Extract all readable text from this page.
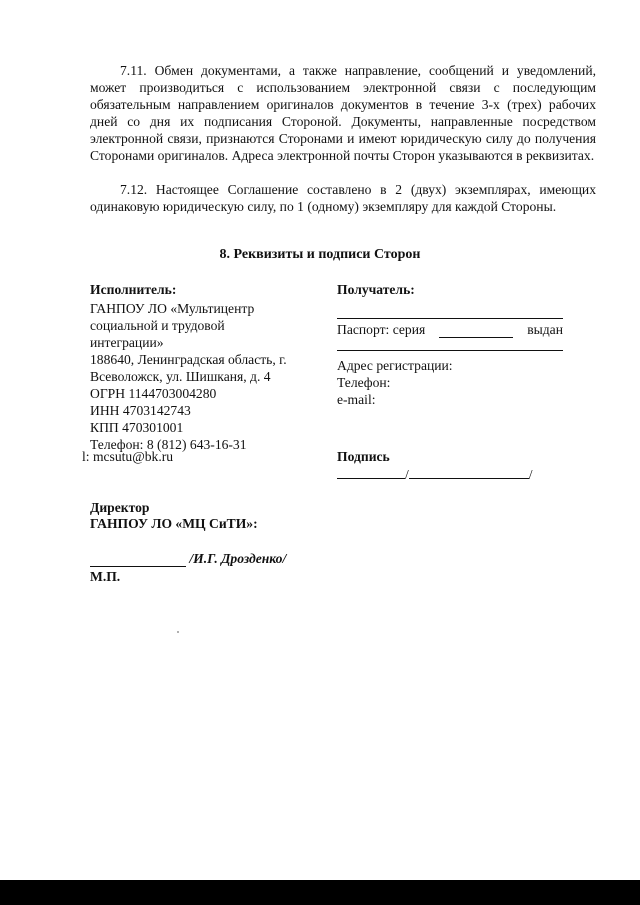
7.11. Обмен документами, а также направление, сообщений и уведомлений, может производиться с использованием электронной связи с последующим обязательным направлением оригиналов документов в течение 3-х (трех) рабочих дней со дня их подписания Стороной. Документы, направленные посредством электронной связи, признаются Сторонами и имеют юридическую силу до получения Сторонами оригиналов. Адреса электронной почты Сторон указываются в реквизитах.

7.12. Настоящее Соглашение составлено в 2 (двух) экземплярах, имеющих одинаковую юридическую силу, по 1 (одному) экземпляру для каждой Стороны.

8. Реквизиты и подписи Сторон

Исполнитель:

ГАНПОУ ЛО «Мультицентр

социальной и трудовой

интеграции»

188640, Ленинградская область, г.

Всеволожск, ул. Шишканя, д. 4

ОГРН 1144703004280

ИНН 4703142743

КПП 470301001

Телефон: 8 (812) 643-16-31

l: mcsutu@bk.ru

Получатель:

Паспорт: серия	выдан

Адрес регистрации:

Телефон:

e-mail:

Подпись
/	/

Директор

ГАНПОУ ЛО «МЦ СиТИ»:

/И.Г. Дрозденко/
М.П.
